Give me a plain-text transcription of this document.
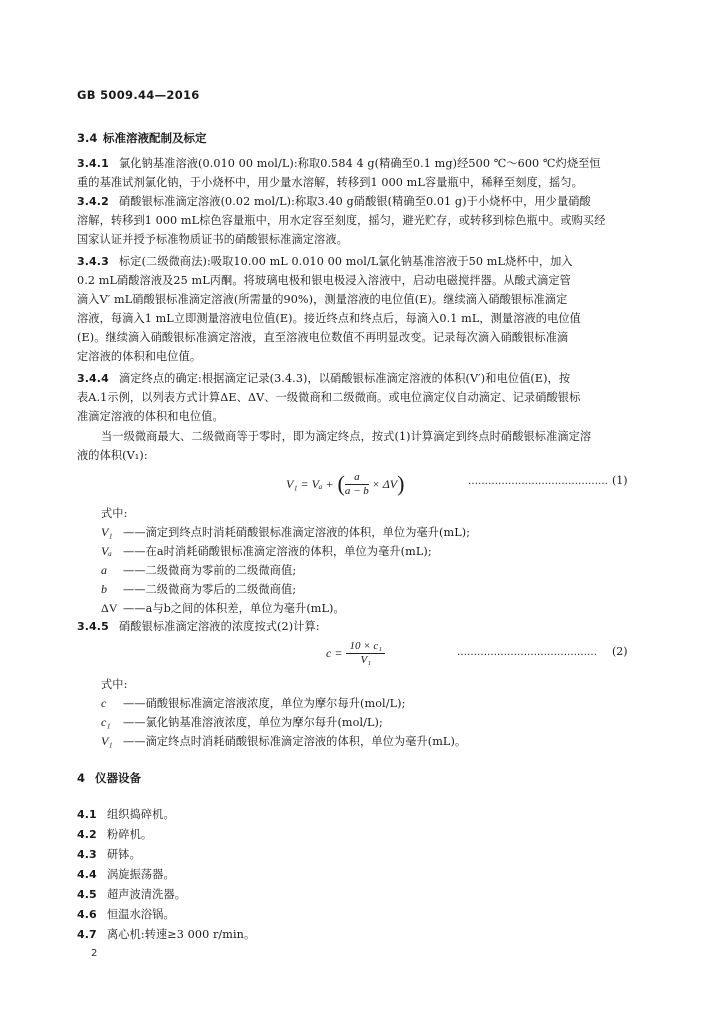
GB 5009.44—2016
3.4 标准溶液配制及标定
3.4.1 氯化钠基准溶液(0.010 00 mol/L):称取0.584 4 g(精确至0.1 mg)经500 ℃～600 ℃灼烧至恒
重的基准试剂氯化钠，于小烧杯中，用少量水溶解，转移到1 000 mL容量瓶中，稀释至刻度，摇匀。
3.4.2 硝酸银标准滴定溶液(0.02 mol/L):称取3.40 g硝酸银(精确至0.01 g)于小烧杯中，用少量硝酸
溶解，转移到1 000 mL棕色容量瓶中，用水定容至刻度，摇匀，避光贮存，或转移到棕色瓶中。或购买经
国家认证并授予标准物质证书的硝酸银标准滴定溶液。
3.4.3 标定(二级微商法):吸取10.00 mL 0.010 00 mol/L氯化钠基准溶液于50 mL烧杯中，加入
0.2 mL硝酸溶液及25 mL丙酮。将玻璃电极和银电极浸入溶液中，启动电磁搅拌器。从酸式滴定管
滴入V′ mL硝酸银标准滴定溶液(所需量的90%)，测量溶液的电位值(E)。继续滴入硝酸银标准滴定
溶液，每滴入1 mL立即测量溶液电位值(E)。接近终点和终点后，每滴入0.1 mL，测量溶液的电位值
(E)。继续滴入硝酸银标准滴定溶液，直至溶液电位数值不再明显改变。记录每次滴入硝酸银标准滴
定溶液的体积和电位值。
3.4.4 滴定终点的确定:根据滴定记录(3.4.3)，以硝酸银标准滴定溶液的体积(V′)和电位值(E)，按
表A.1示例，以列表方式计算ΔE、ΔV、一级微商和二级微商。或电位滴定仪自动滴定、记录硝酸银标
准滴定溶液的体积和电位值。
当一级微商最大、二级微商等于零时，即为滴定终点，按式(1)计算滴定到终点时硝酸银标准滴定溶
液的体积(V₁):
V₁ = Vₐ + ( $\frac{a}{a - b} \times \Delta V$ )	…………………………………… (1)
式中:
V₁ ——滴定到终点时消耗硝酸银标准滴定溶液的体积，单位为毫升(mL);
Vₐ ——在a时消耗硝酸银标准滴定溶液的体积，单位为毫升(mL);
a ——二级微商为零前的二级微商值;
b ——二级微商为零后的二级微商值;
ΔV ——a与b之间的体积差，单位为毫升(mL)。
3.4.5 硝酸银标准滴定溶液的浓度按式(2)计算:
$c = \frac{\text{10 × c₁}}{\text{V₁}}$	…………………………………… (2)
式中:
c ——硝酸银标准滴定溶液浓度，单位为摩尔每升(mol/L);
c₁ ——氯化钠基准溶液浓度，单位为摩尔每升(mol/L);
V₁ ——滴定终点时消耗硝酸银标准滴定溶液的体积，单位为毫升(mL)。
4 仪器设备
4.1 组织捣碎机。
4.2 粉碎机。
4.3 研钵。
4.4 涡旋振荡器。
4.5 超声波清洗器。
4.6 恒温水浴锅。
4.7 离心机:转速≥3 000 r/min。
2
